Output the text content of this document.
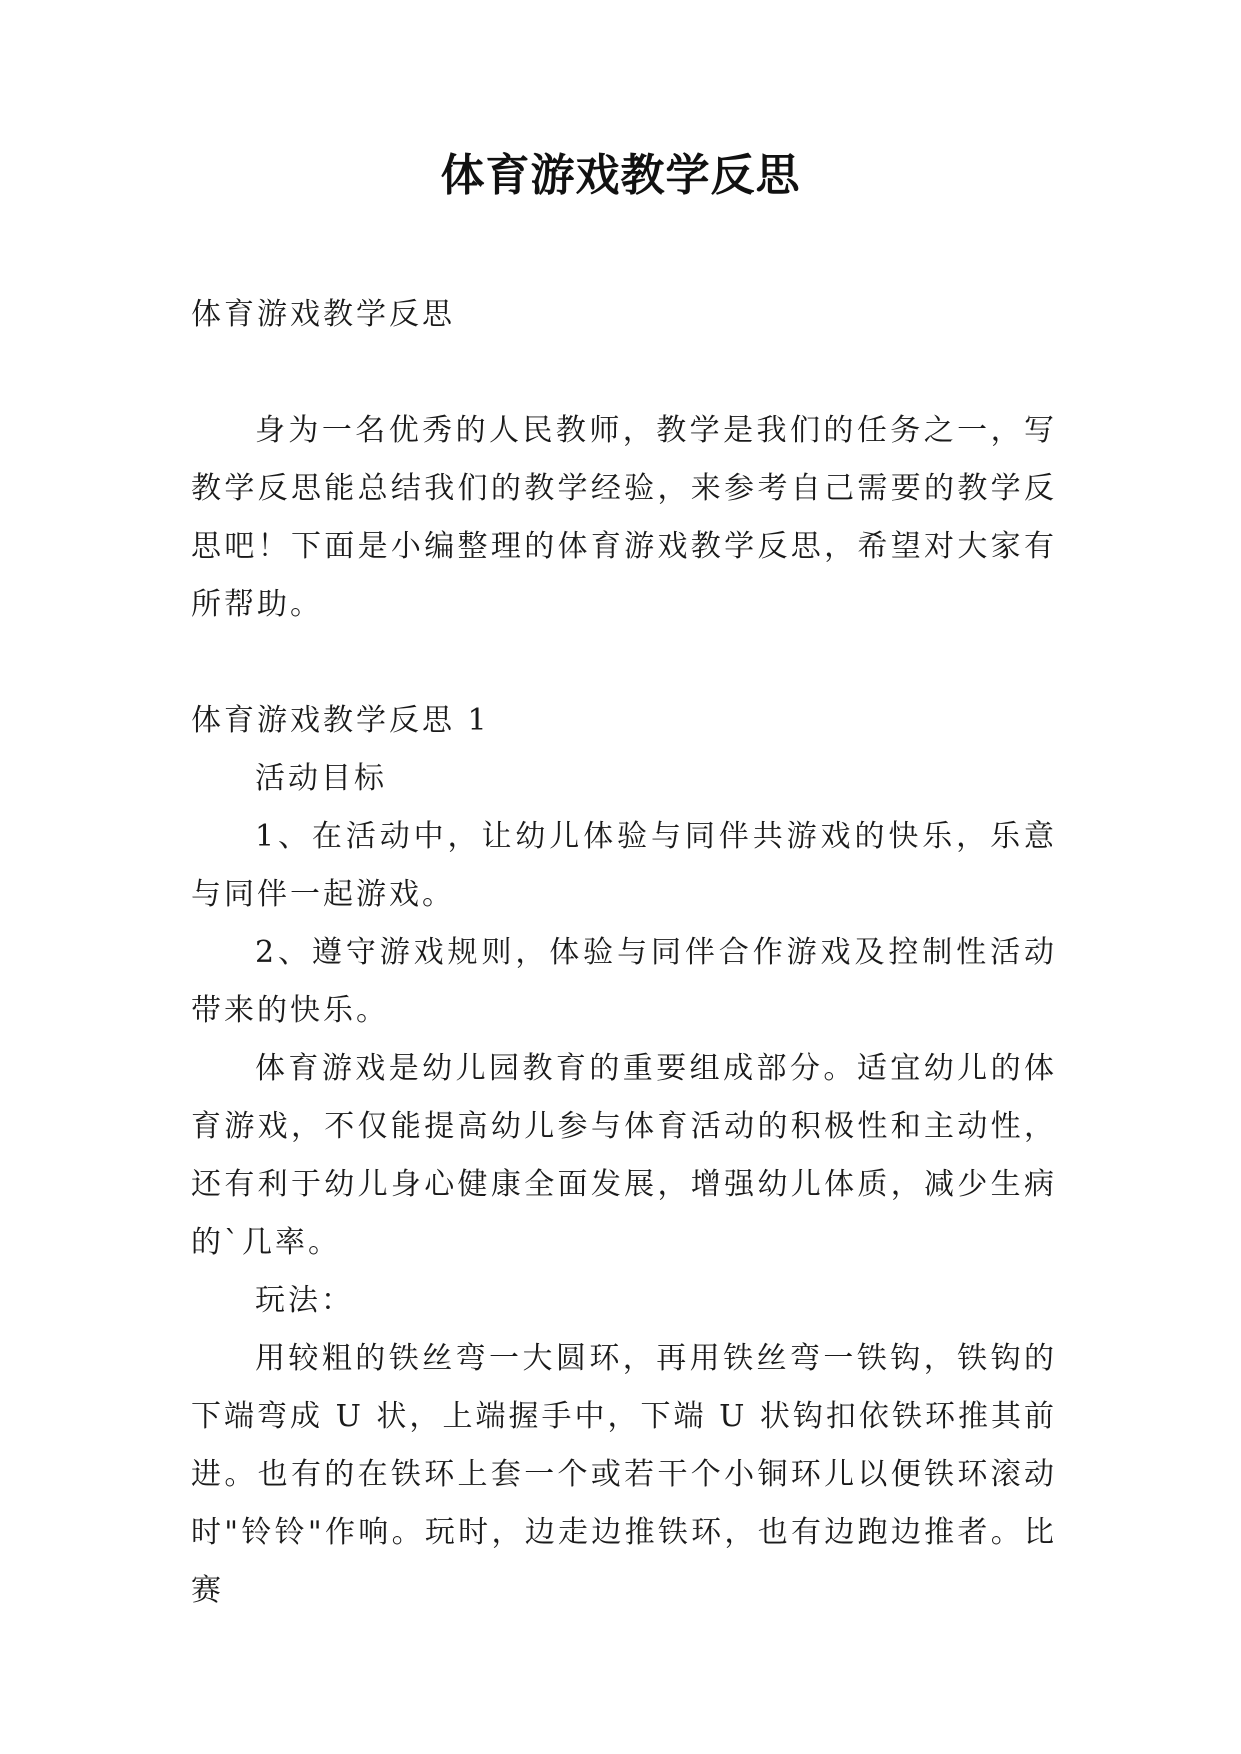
体育游戏教学反思

体育游戏教学反思

身为一名优秀的人民教师，教学是我们的任务之一，写教学反思能总结我们的教学经验，来参考自己需要的教学反思吧！下面是小编整理的体育游戏教学反思，希望对大家有所帮助。

体育游戏教学反思 1

活动目标

1、在活动中，让幼儿体验与同伴共游戏的快乐，乐意与同伴一起游戏。

2、遵守游戏规则，体验与同伴合作游戏及控制性活动带来的快乐。

体育游戏是幼儿园教育的重要组成部分。适宜幼儿的体育游戏，不仅能提高幼儿参与体育活动的积极性和主动性，还有利于幼儿身心健康全面发展，增强幼儿体质，减少生病的`几率。

玩法：

用较粗的铁丝弯一大圆环，再用铁丝弯一铁钩，铁钩的下端弯成 U 状，上端握手中，下端 U 状钩扣依铁环推其前进。也有的在铁环上套一个或若干个小铜环儿以便铁环滚动时"铃铃"作响。玩时，边走边推铁环，也有边跑边推者。比赛
